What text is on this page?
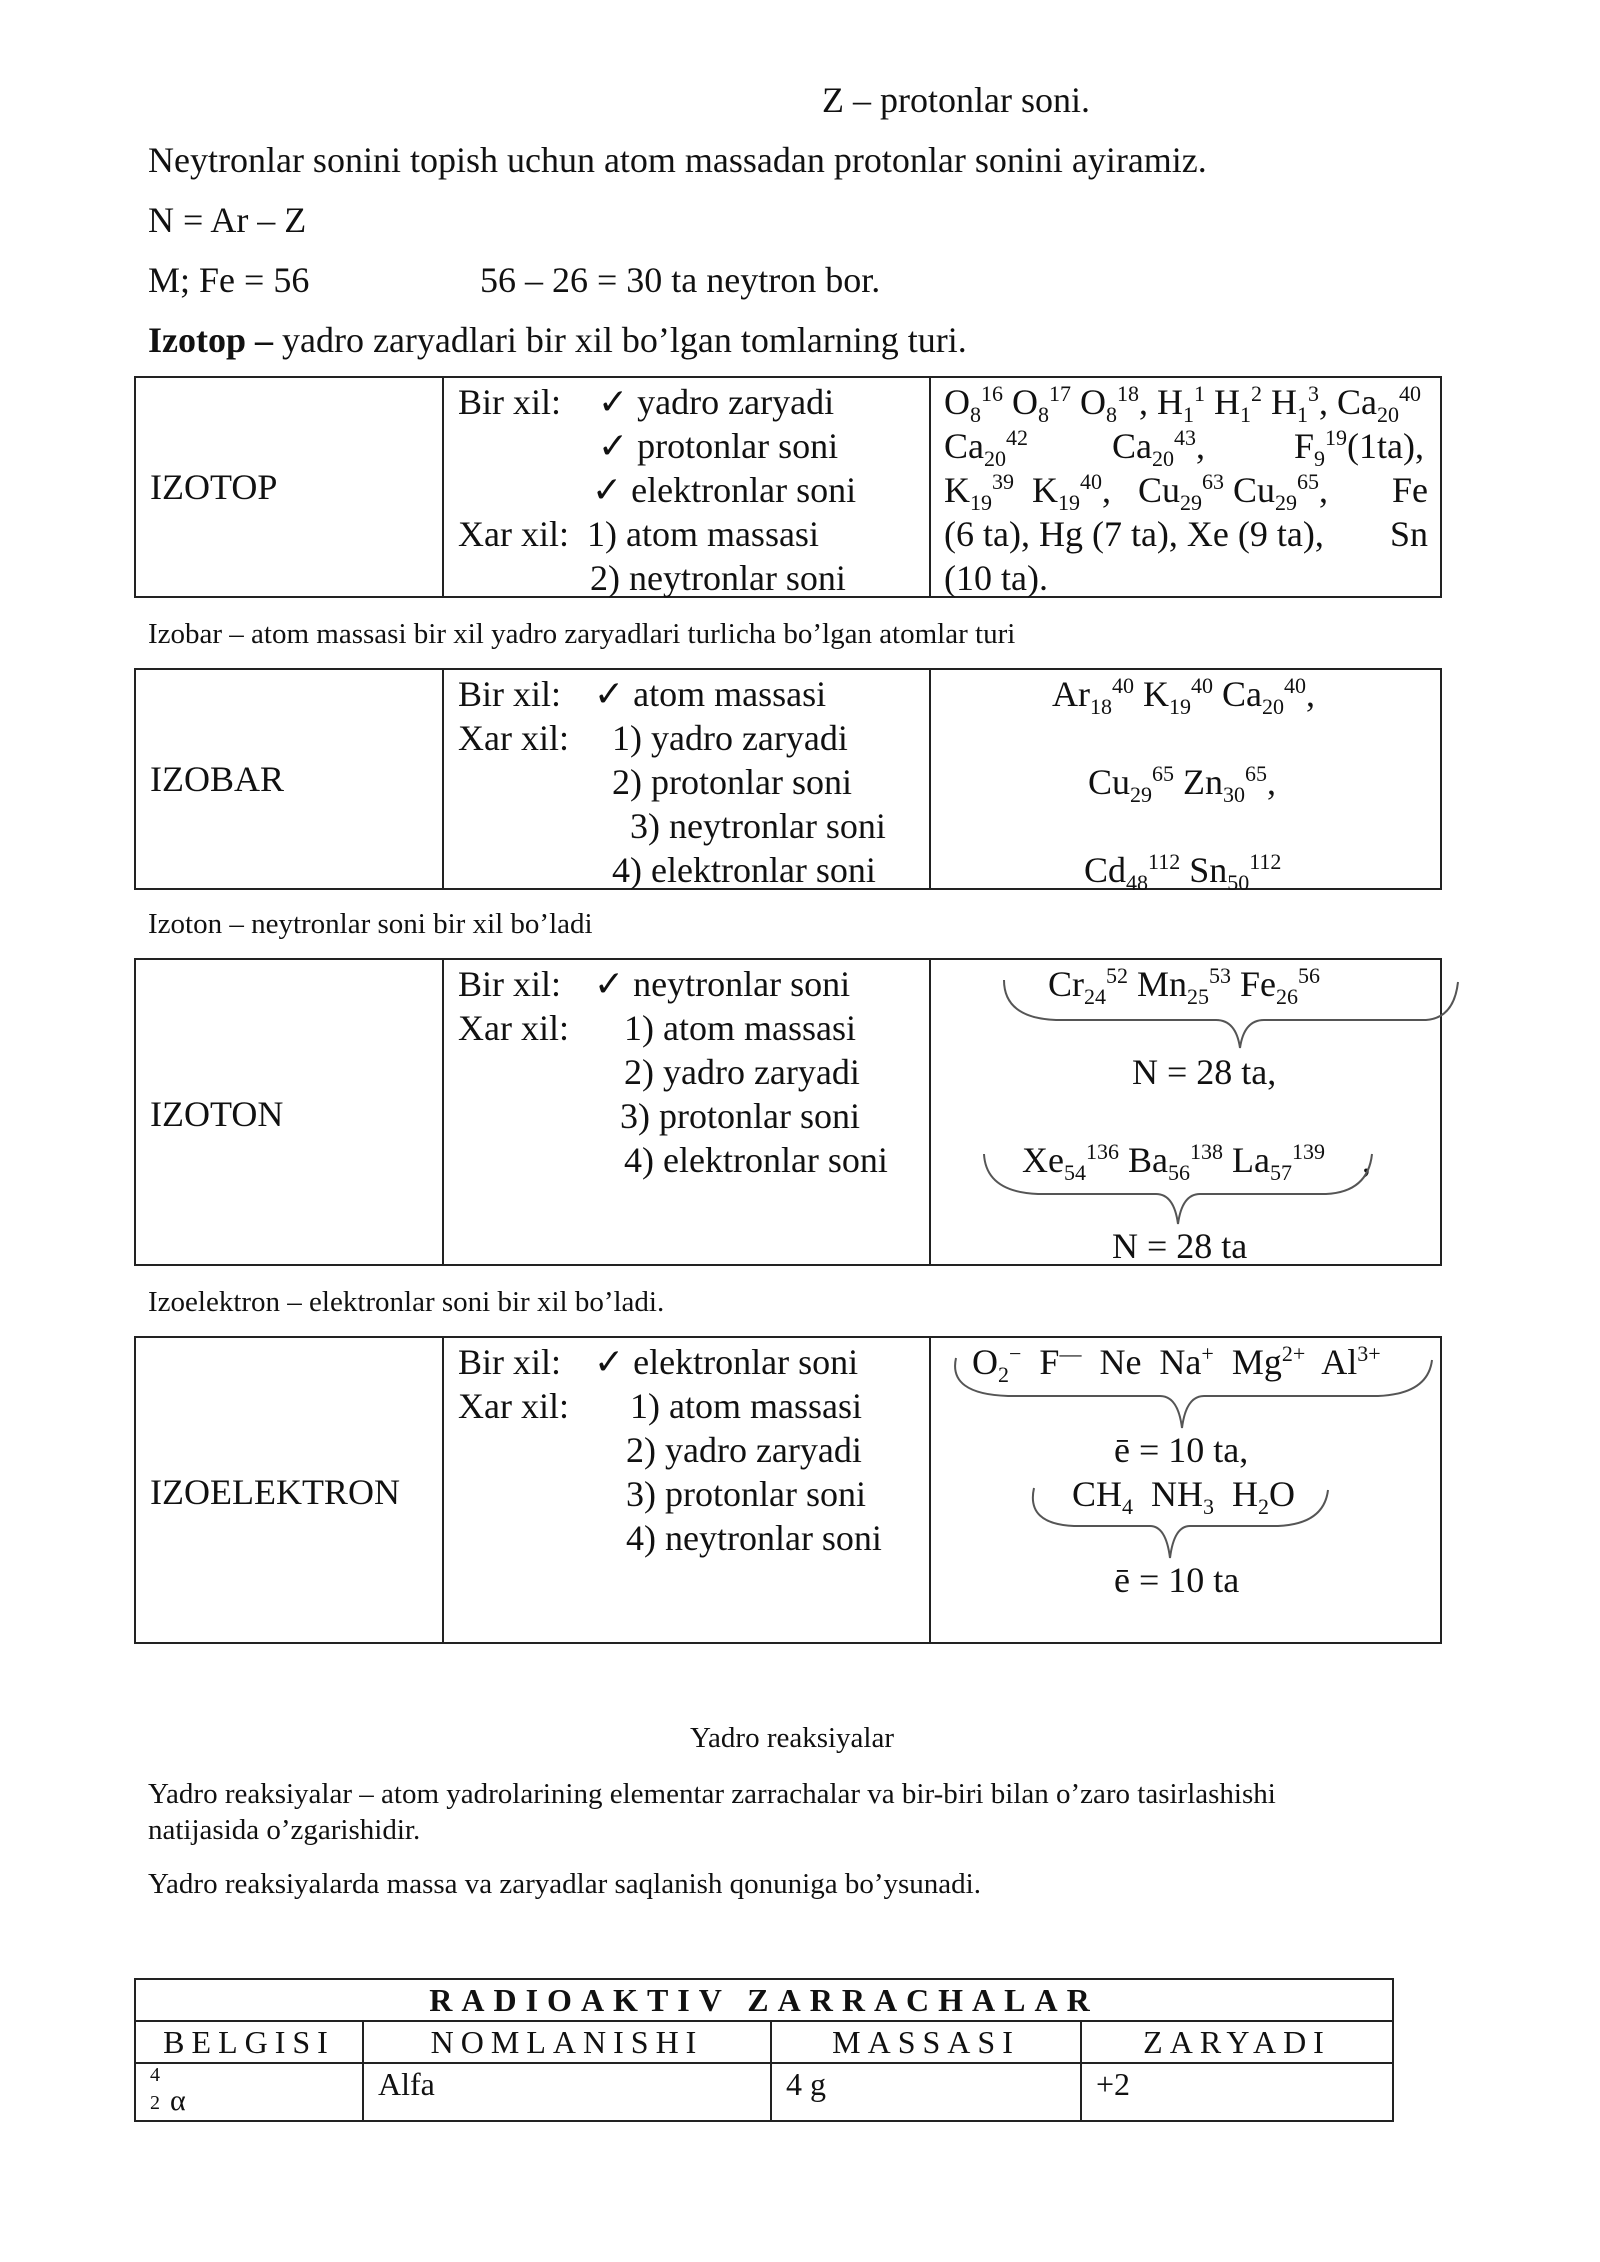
Z – protonlar soni.
Neytronlar sonini topish uchun atom massadan protonlar sonini ayiramiz.
N = Ar – Z
M; Fe = 56	56 – 26 = 30 ta neytron bor.
Izotop – yadro zaryadlari bir xil bo’lgan tomlarning turi.
IZOTOP
Bir xil: ✓ yadro zaryadi
✓ protonlar soni
✓ elektronlar soni
Xar xil: 1) atom massasi
2) neytronlar soni
$O_8^{16}$ $O_8^{17}$ $O_8^{18}$, $H_1^1$ $H_1^2$ $H_1^3$, $Ca_{20}^{40}$
$Ca_{20}^{42}$ $Ca_{20}^{43}$, $F_9^{19}(1ta)$,
$K_{19}^{39}$  $K_{19}^{40}$,   $Cu_{29}^{63}$ $Cu_{29}^{65}$, Fe
(6 ta), Hg (7 ta), Xe (9 ta), Sn
(10 ta).
Izobar – atom massasi bir xil yadro zaryadlari turlicha bo’lgan atomlar turi
IZOBAR
Bir xil: ✓ atom massasi
Xar xil: 1) yadro zaryadi
2) protonlar soni
3) neytronlar soni
4) elektronlar soni
$Ar_{18}^{40}$ $K_{19}^{40}$ $Ca_{20}^{40}$,
$Cu_{29}^{65}$ $Zn_{30}^{65}$,
$Cd_{48}^{112}$ $Sn_{50}^{112}$
Izoton – neytronlar soni bir xil bo’ladi
IZOTON
Bir xil: ✓ neytronlar soni
Xar xil: 1) atom massasi
2) yadro zaryadi
3) protonlar soni
4) elektronlar soni
$Cr_{24}^{52}$ $Mn_{25}^{53}$ $Fe_{26}^{56}$
N = 28 ta,
$Xe_{54}^{136}$ $Ba_{56}^{138}$ $La_{57}^{139}$ ,
N = 28 ta
Izoelektron – elektronlar soni bir xil bo’ladi.
IZOELEKTRON
Bir xil: ✓ elektronlar soni
Xar xil: 1) atom massasi
2) yadro zaryadi
3) protonlar soni
4) neytronlar soni
$O_2^-$  F—  Ne  Na+  $Mg^{2+}$  $Al^{3+}$
ē = 10 ta,
$CH_4$  $NH_3$  $H_2O$
ē = 10 ta
Yadro reaksiyalar
Yadro reaksiyalar – atom yadrolarining elementar zarrachalar va bir-biri bilan o’zaro tasirlashishi
natijasida o’zgarishidir.
Yadro reaksiyalarda massa va zaryadlar saqlanish qonuniga bo’ysunadi.
RADIOAKTIV ZARRACHALAR
BELGISI	NOMLANISHI	MASSASI	ZARYADI
4
2 α	Alfa	4 g	+2
